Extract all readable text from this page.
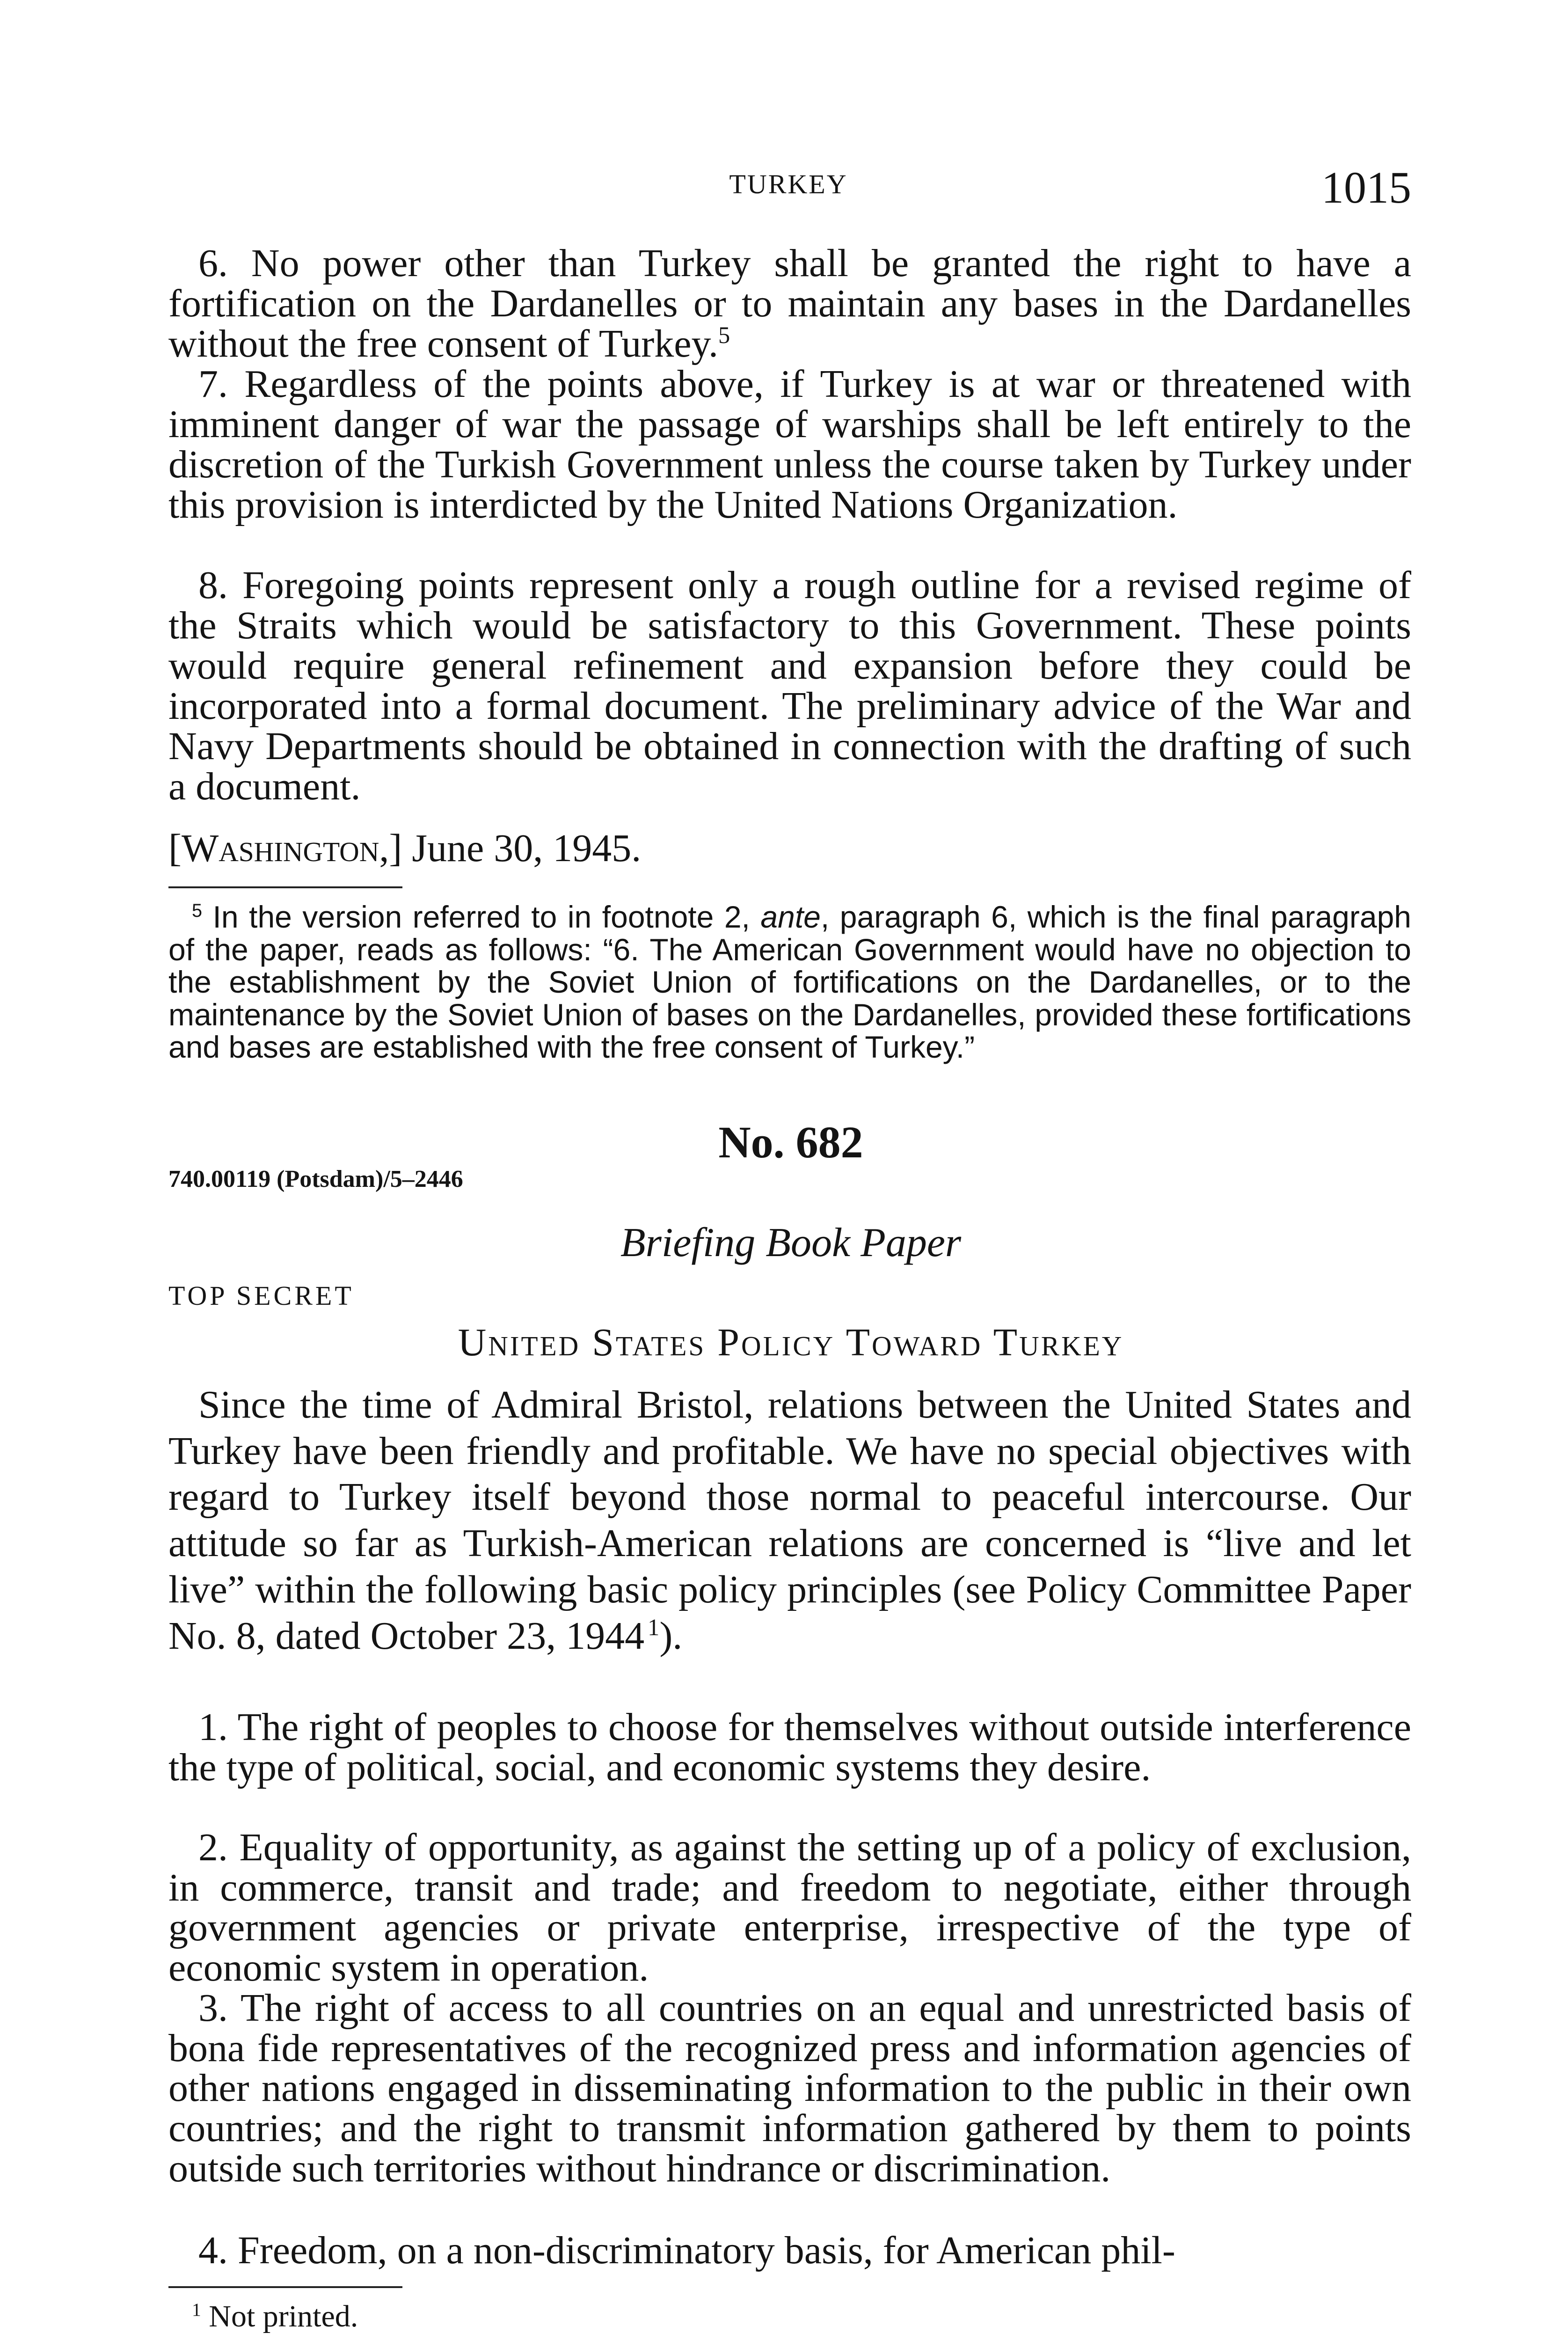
TURKEY	1015

6. No power other than Turkey shall be granted the right to have a fortification on the Dardanelles or to maintain any bases in the Dardanelles without the free consent of Turkey.$^5$

7. Regardless of the points above, if Turkey is at war or threatened with imminent danger of war the passage of warships shall be left entirely to the discretion of the Turkish Government unless the course taken by Turkey under this provision is interdicted by the United Nations Organization.

8. Foregoing points represent only a rough outline for a revised regime of the Straits which would be satisfactory to this Government. These points would require general refinement and expansion before they could be incorporated into a formal document. The preliminary advice of the War and Navy Departments should be obtained in connection with the drafting of such a document.

[Washington,] June 30, 1945.

$^5$ In the version referred to in footnote 2, ante, paragraph 6, which is the final paragraph of the paper, reads as follows: “6. The American Government would have no objection to the establishment by the Soviet Union of fortifications on the Dardanelles, or to the maintenance by the Soviet Union of bases on the Dardanelles, provided these fortifications and bases are established with the free consent of Turkey.”

No. 682
740.00119 (Potsdam)/5–2446
Briefing Book Paper
TOP SECRET
United States Policy Toward Turkey

Since the time of Admiral Bristol, relations between the United States and Turkey have been friendly and profitable. We have no special objectives with regard to Turkey itself beyond those normal to peaceful intercourse. Our attitude so far as Turkish-American relations are concerned is “live and let live” within the following basic policy principles (see Policy Committee Paper No. 8, dated October 23, 1944  $^1$).

1. The right of peoples to choose for themselves without outside interference the type of political, social, and economic systems they desire.

2. Equality of opportunity, as against the setting up of a policy of exclusion, in commerce, transit and trade; and freedom to negotiate, either through government agencies or private enterprise, irrespective of the type of economic system in operation.

3. The right of access to all countries on an equal and unrestricted basis of bona fide representatives of the recognized press and information agencies of other nations engaged in disseminating information to the public in their own countries; and the right to transmit information gathered by them to points outside such territories without hindrance or discrimination.

4. Freedom, on a non-discriminatory basis, for American phil-

$^1$ Not printed.
